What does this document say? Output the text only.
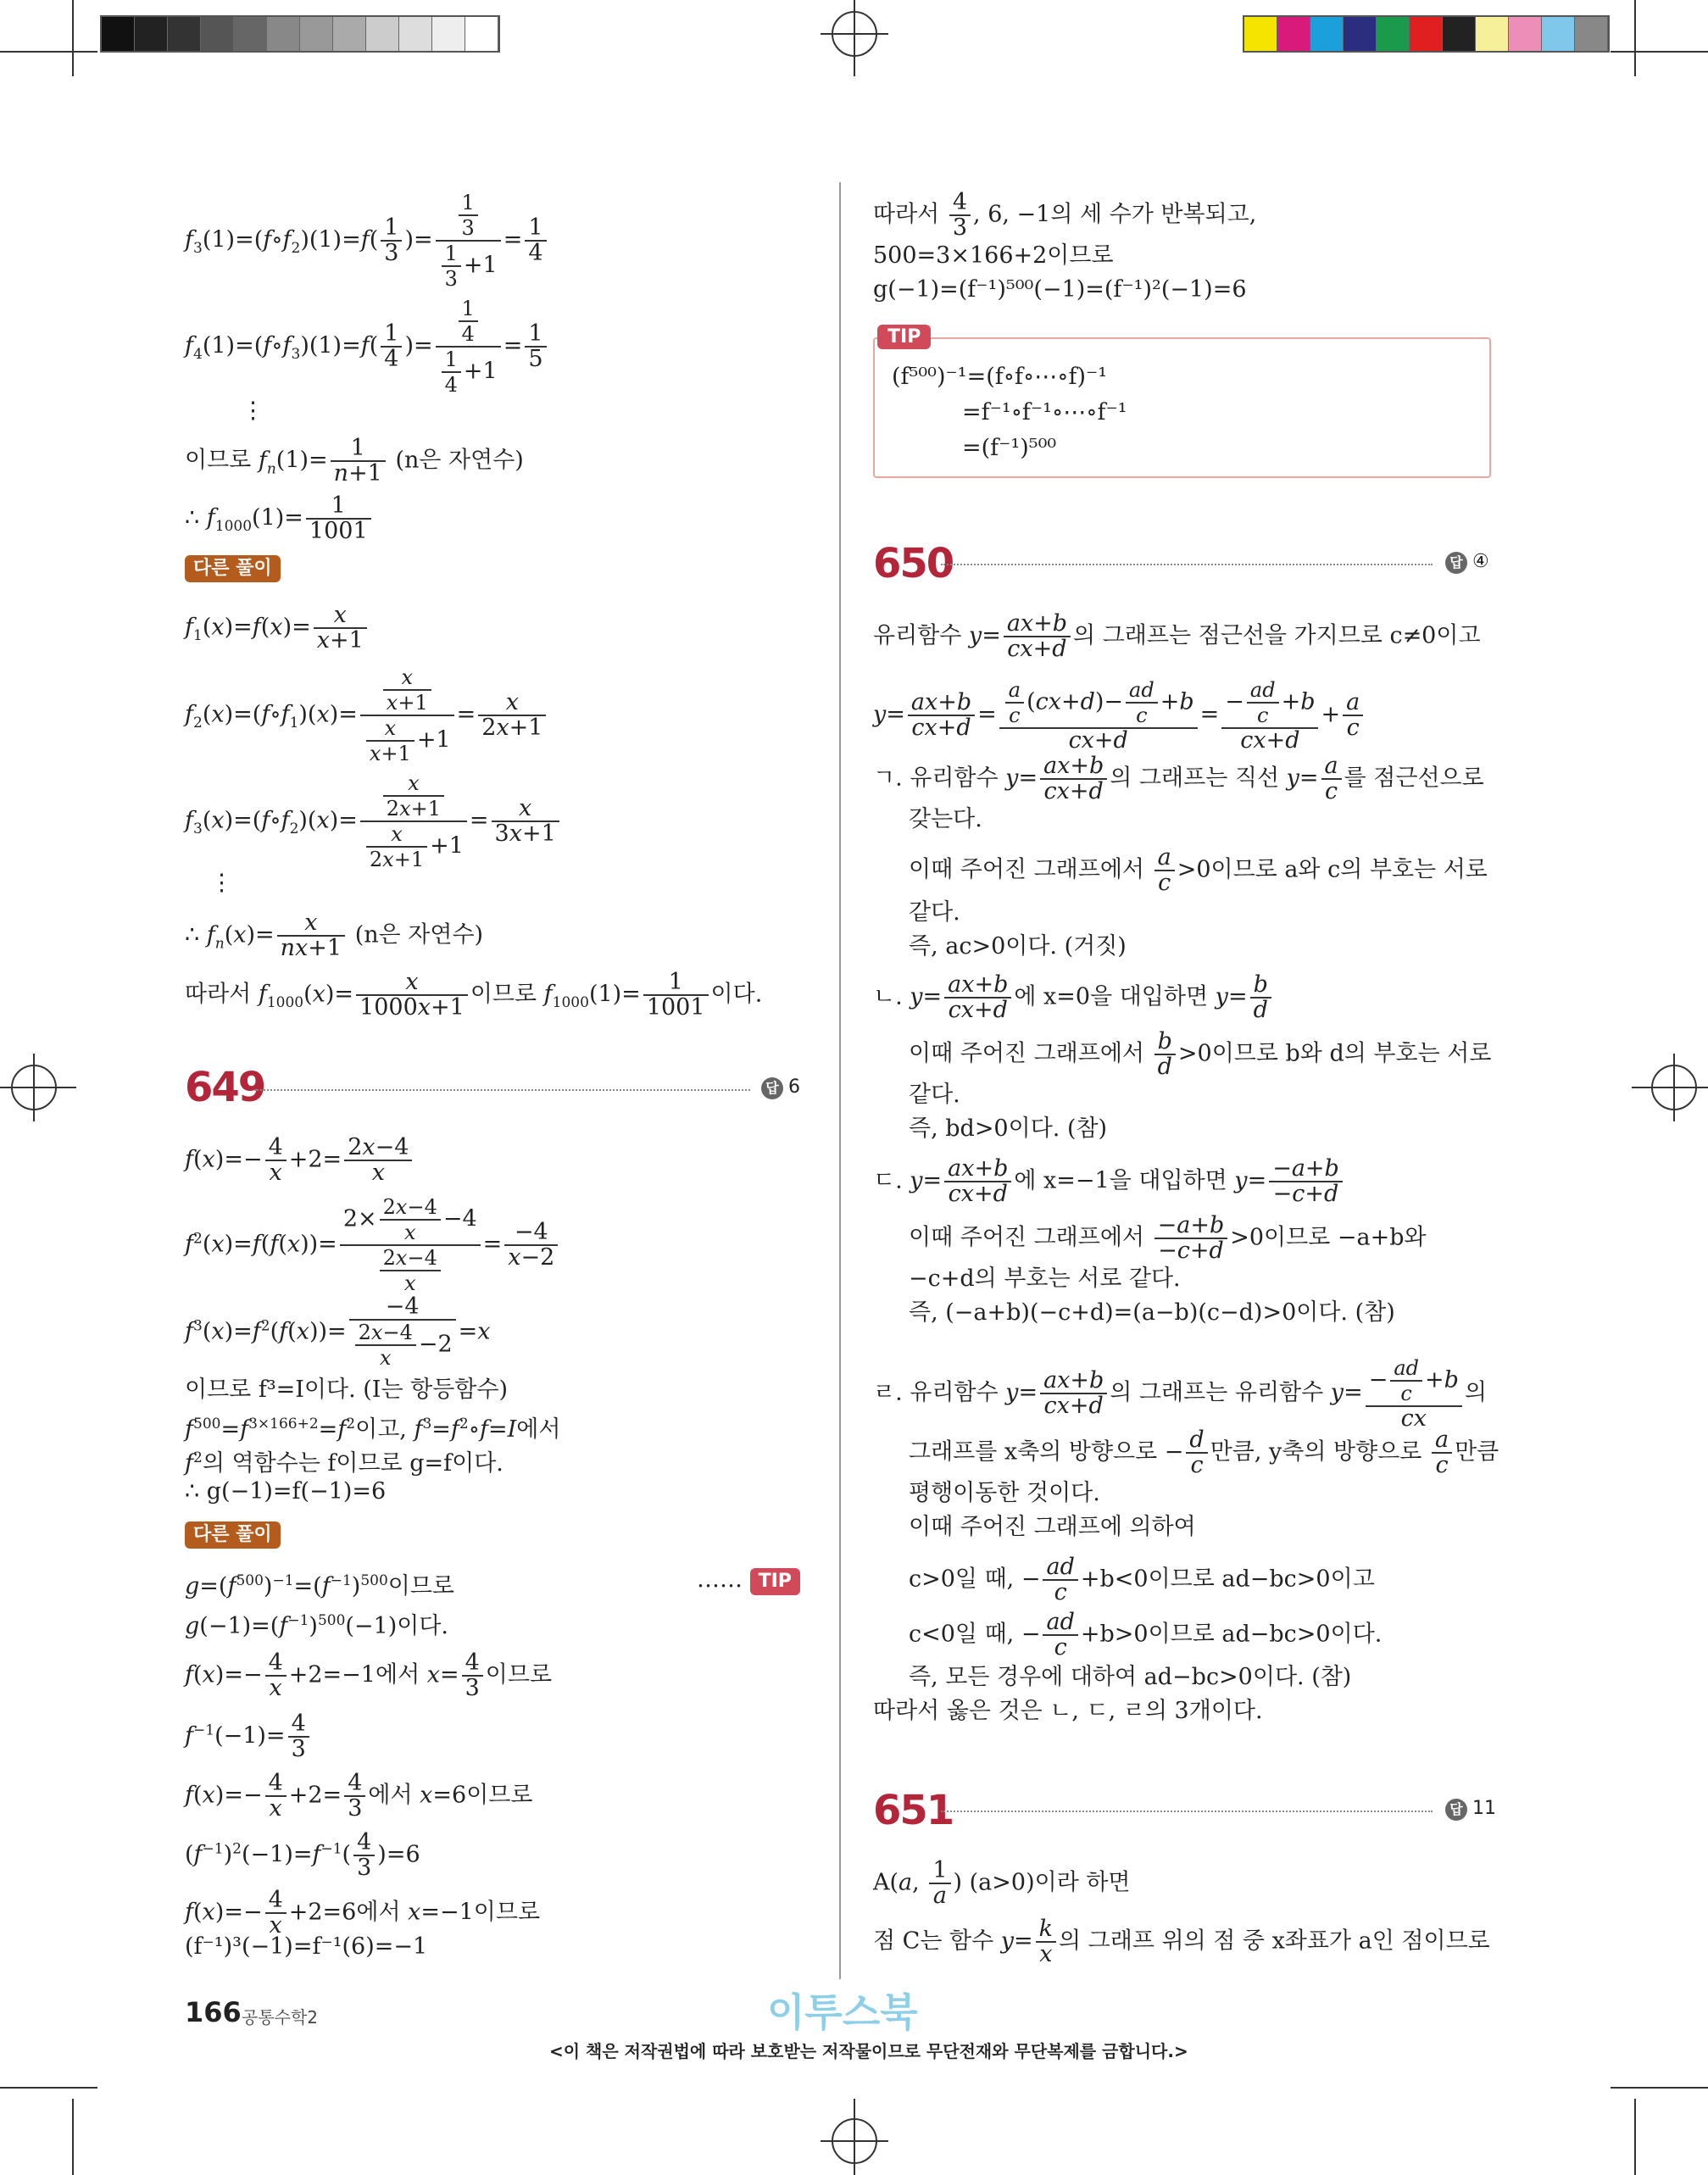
$f_3(1)=(f\circ f_2)(1)=f( \frac{1}{3}$ )= $\frac{\frac{1}{3}}{\frac{1}{3} +1} = \frac{1}{4}$
$f_4(1)=(f\circ f_3)(1)=f( \frac{1}{4}$ )= $\frac{\frac{1}{4}}{\frac{1}{4} +1} = \frac{1}{5}$
⋮
이므로 $f_n(1)= \frac{1}{n+1} (n$은 자연수)
∴ $f_{1000}(1)= \frac{1}{1001}$
다른 풀이
$f_1(x)=f(x)= \frac{x}{x+1}$
$f_2(x)=(f\circ f_1)(x)= \frac{\frac{x}{x+1}}{\frac{x}{x+1} +1} = \frac{x}{2x+1}$
$f_3(x)=(f\circ f_2)(x)= \frac{\frac{x}{2x+1}}{\frac{x}{2x+1} +1} = \frac{x}{3x+1}$
⋮
∴ $f_n(x)= \frac{x}{nx+1} (n$은 자연수)
따라서 $f_{1000}(x)= \frac{x}{1000x+1}$ 이므로 $f_{1000}(1)= \frac{1}{1001}$ 이다.
649	답 6
$f(x)=- \frac{4}{x} +2= \frac{2x-4}{x}$
$f^2(x)=f(f(x))= \frac{2\times \frac{2x-4}{x} -4}{\frac{2x-4}{x}} = \frac{-4}{x-2}$
$f^3(x)=f^2(f(x))= \frac{-4}{\frac{2x-4}{x} -2} =x$
이므로 f³=I이다. (I는 항등함수)
$f^{500}=f^{3\times 166+2}=f^2$이고, $f^3=f^2\circ f=I$에서
$f^2$의 역함수는 f이므로 g=f이다.
∴ g(−1)=f(−1)=6
다른 풀이
$g=(f^{500})^{-1}=(f^{-1})^{500}$이므로	…… TIP
$g(-1)=(f^{-1})^{500}(-1)$이다.
$f(x)=- \frac{4}{x} +2=-1$에서 $x= \frac{4}{3}$ 이므로
$f^{-1}(-1)= \frac{4}{3}$
$f(x)=- \frac{4}{x} +2= \frac{4}{3}$ 에서 x=6이므로
$(f^{-1})^2(-1)=f^{-1}( \frac{4}{3} )=6$
$f(x)=- \frac{4}{x} +2=6$에서 x=−1이므로
(f⁻¹)³(−1)=f⁻¹(6)=−1
따라서 $\frac{4}{3}$ , 6, −1의 세 수가 반복되고,
500=3×166+2이므로
g(−1)=(f⁻¹)⁵⁰⁰(−1)=(f⁻¹)²(−1)=6
TIP
(f⁵⁰⁰)⁻¹=(f∘f∘⋯∘f)⁻¹
=f⁻¹∘f⁻¹∘⋯∘f⁻¹
=(f⁻¹)⁵⁰⁰
650	답 ④
유리함수 $y= \frac{ax+b}{cx+d}$ 의 그래프는 점근선을 가지므로 c≠0이고
$y= \frac{ax+b}{cx+d} = \frac{\frac{a}{c} (cx+d)- \frac{ad}{c} +b}{cx+d} = \frac{- \frac{ad}{c} +b}{cx+d} + \frac{a}{c}$
ㄱ. 유리함수 $y= \frac{ax+b}{cx+d}$ 의 그래프는 직선 $y= \frac{a}{c}$ 를 점근선으로
갖는다.
이때 주어진 그래프에서 $\frac{a}{c} >0$이므로 a와 c의 부호는 서로
같다.
즉, ac>0이다. (거짓)
ㄴ. $y= \frac{ax+b}{cx+d}$ 에 x=0을 대입하면 $y= \frac{b}{d}$
이때 주어진 그래프에서 $\frac{b}{d} >0$이므로 b와 d의 부호는 서로
같다.
즉, bd>0이다. (참)
ㄷ. $y= \frac{ax+b}{cx+d}$ 에 x=−1을 대입하면 $y= \frac{-a+b}{-c+d}$
이때 주어진 그래프에서 $\frac{-a+b}{-c+d} >0$이므로 −a+b와
−c+d의 부호는 서로 같다.
즉, (−a+b)(−c+d)=(a−b)(c−d)>0이다. (참)
ㄹ. 유리함수 $y= \frac{ax+b}{cx+d}$ 의 그래프는 유리함수 $y= \frac{- \frac{ad}{c} +b}{cx}$ 의
그래프를 x축의 방향으로 − $\frac{d}{c}$ 만큼, y축의 방향으로 $\frac{a}{c}$ 만큼
평행이동한 것이다.
이때 주어진 그래프에 의하여
c>0일 때, − $\frac{ad}{c} +b<0$이므로 ad−bc>0이고
c<0일 때, − $\frac{ad}{c} +b>0$이므로 ad−bc>0이다.
즉, 모든 경우에 대하여 ad−bc>0이다. (참)
따라서 옳은 것은 ㄴ, ㄷ, ㄹ의 3개이다.
651	답 11
A(a, $\frac{1}{a}$ ) (a>0)이라 하면
점 C는 함수 $y= \frac{k}{x}$ 의 그래프 위의 점 중 x좌표가 a인 점이므로
166 공통수학2	이투스북
<이 책은 저작권법에 따라 보호받는 저작물이므로 무단전재와 무단복제를 금합니다.>
